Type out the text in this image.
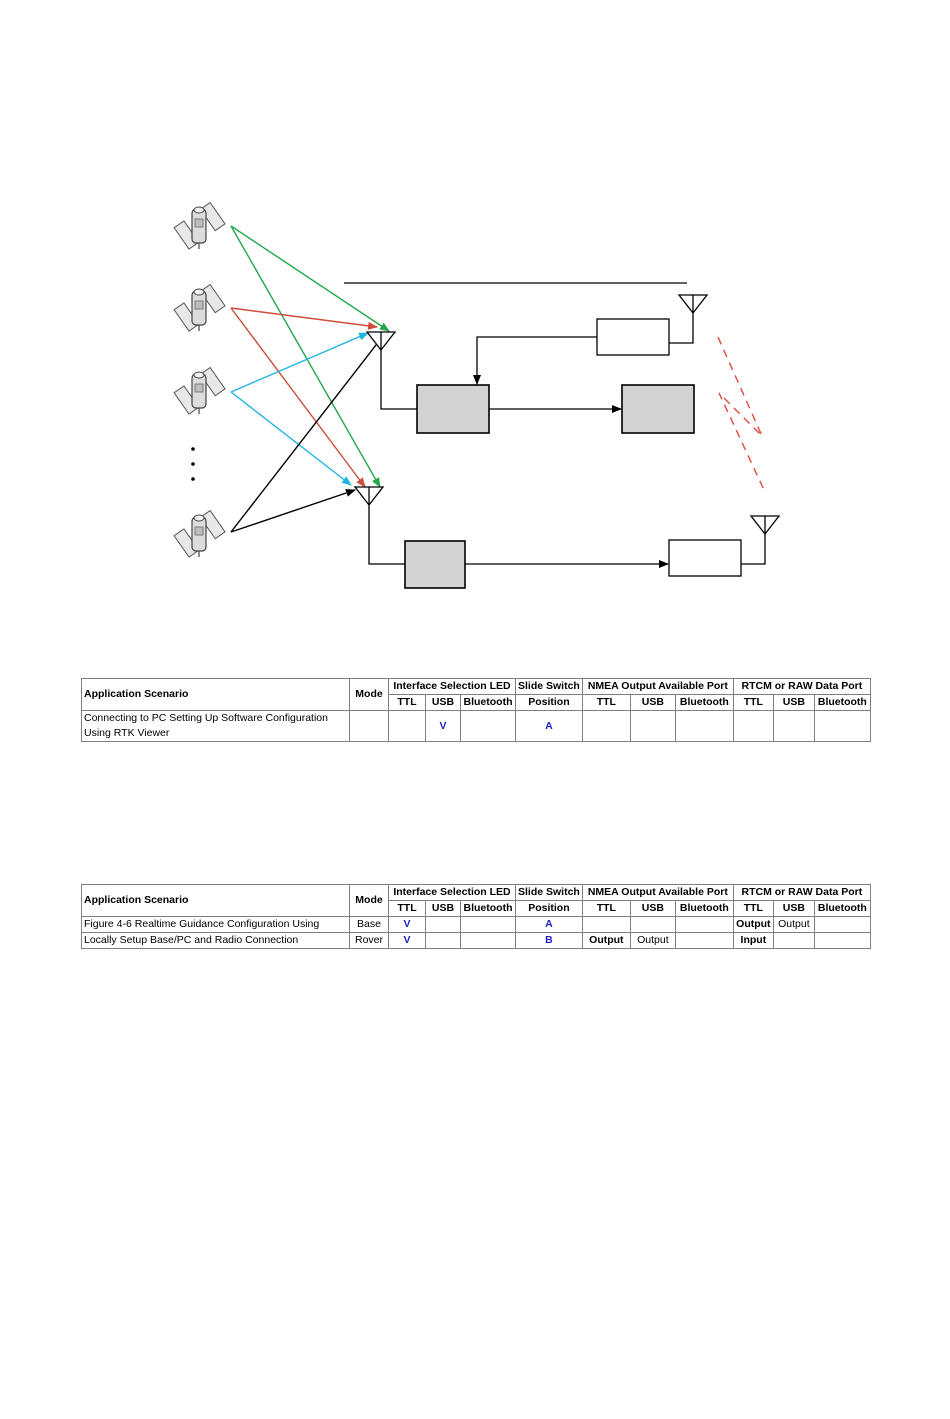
Application Scenario	Mode	Interface Selection LED			Slide Switch	NMEA Output Available Port			RTCM or RAW Data Port		
		TTL	USB	Bluetooth	Position	TTL	USB	Bluetooth	TTL	USB	Bluetooth

Connecting to PC Setting Up Software Configuration
Using RTK Viewer			V		A						
Application Scenario	Mode	Interface Selection LED			Slide Switch	NMEA Output Available Port			RTCM or RAW Data Port		
		TTL	USB	Bluetooth	Position	TTL	USB	Bluetooth	TTL	USB	Bluetooth
Figure 4-6 Realtime Guidance Configuration Using	Base	V			A				Output	Output	
Locally Setup Base/PC and Radio Connection	Rover	V			B	Output	Output		Input		
